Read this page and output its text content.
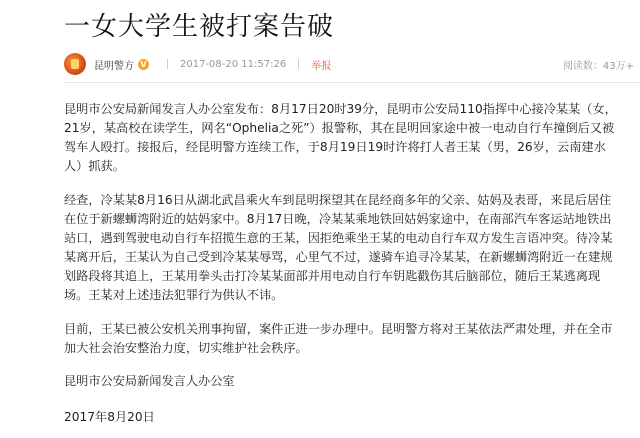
一女大学生被打案告破
昆明警方 V	2017-08-20 11:57:26	举报	阅读数：43万+

昆明市公安局新闻发言人办公室发布：8月17日20时39分，昆明市公安局110指挥中心接冷某某（女，21岁，某高校在读学生，网名“Ophelia之死”）报警称，其在昆明回家途中被一电动自行车撞倒后又被驾车人殴打。接报后，经昆明警方连续工作，于8月19日19时许将打人者王某（男，26岁，云南建水人）抓获。

经查，冷某某8月16日从湖北武昌乘火车到昆明探望其在昆经商多年的父亲、姑妈及表哥，来昆后居住在位于新螺蛳湾附近的姑妈家中。8月17日晚，冷某某乘地铁回姑妈家途中，在南部汽车客运站地铁出站口，遇到驾驶电动自行车招揽生意的王某，因拒绝乘坐王某的电动自行车双方发生言语冲突。待冷某某离开后，王某认为自己受到冷某某辱骂，心里气不过，遂骑车追寻冷某某，在新螺蛳湾附近一在建规划路段将其追上，王某用拳头击打冷某某面部并用电动自行车钥匙戳伤其后脑部位，随后王某逃离现场。王某对上述违法犯罪行为供认不讳。

目前，王某已被公安机关刑事拘留，案件正进一步办理中。昆明警方将对王某依法严肃处理，并在全市加大社会治安整治力度，切实维护社会秩序。

昆明市公安局新闻发言人办公室

2017年8月20日
